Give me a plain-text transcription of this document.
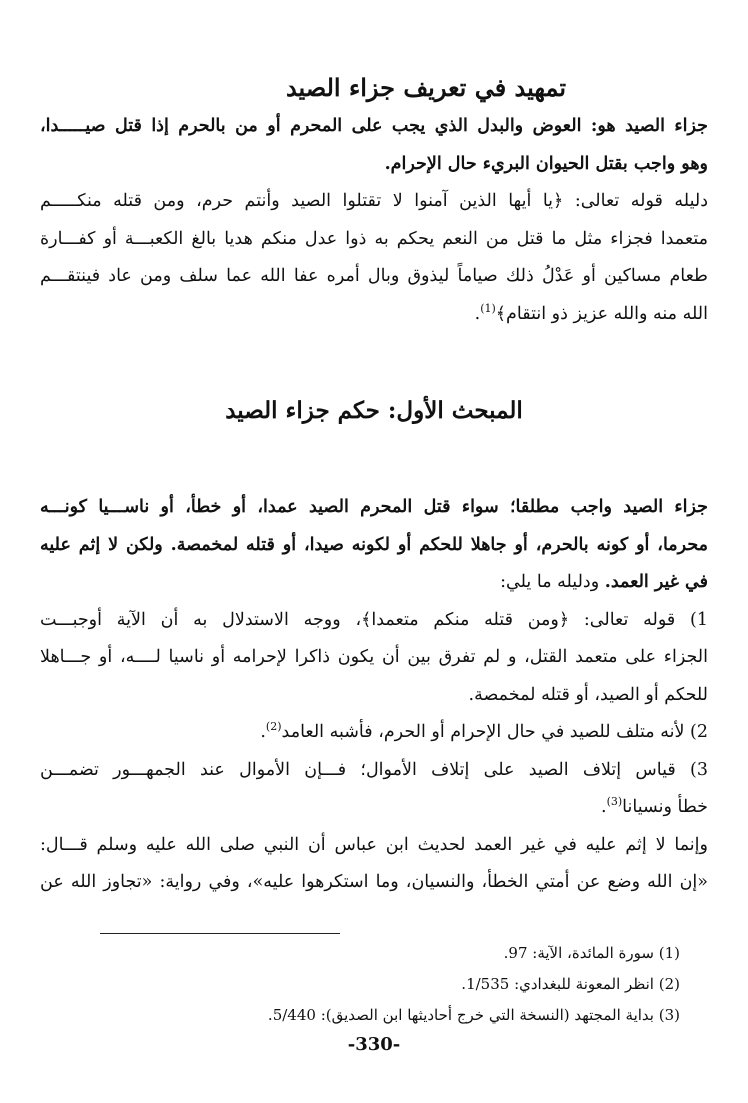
تمهيد في تعريف جزاء الصيد

جزاء الصيد هو: العوض والبدل الذي يجب على المحرم أو من بالحرم إذا قتل صيـــــدا،

وهو واجب بقتل الحيوان البريء حال الإحرام.

دليله قوله تعالى: ﴿يا أيها الذين آمنوا لا تقتلوا الصيد وأنتم حرم، ومن قتله منكـــــم

متعمدا فجزاء مثل ما قتل من النعم يحكم به ذوا عدل منكم هديا بالغ الكعبـــة أو كفـــارة

طعام مساكين أو عَدْلُ ذلك صياماً ليذوق وبال أمره عفا الله عما سلف ومن عاد فينتقـــم

الله منه والله عزيز ذو انتقام﴾$^{(1)}$.

المبحث الأول: حكم جزاء الصيد

جزاء الصيد واجب مطلقا؛ سواء قتل المحرم الصيد عمدا، أو خطأ، أو ناســـيا كونـــه

محرما، أو كونه بالحرم، أو جاهلا للحكم أو لكونه صيدا، أو قتله لمخمصة. ولكن لا إثم عليه

في غير العمد. ودليله ما يلي:

1) قوله تعالى: ﴿ومن قتله منكم متعمدا﴾، ووجه الاستدلال به أن الآية أوجبـــت

الجزاء على متعمد القتل، و لم تفرق بين أن يكون ذاكرا لإحرامه أو ناسيا لــــه، أو جـــاهلا

للحكم أو الصيد، أو قتله لمخمصة.

2) لأنه متلف للصيد في حال الإحرام أو الحرم، فأشبه العامد$^{(2)}$.

3) قياس إتلاف الصيد على إتلاف الأموال؛ فـــإن الأموال عند الجمهـــور تضمـــن

خطأ ونسيانا$^{(3)}$.

وإنما لا إثم عليه في غير العمد لحديث ابن عباس أن النبي صلى الله عليه وسلم قـــال:

«إن الله وضع عن أمتي الخطأ، والنسيان، وما استكرهوا عليه»، وفي رواية: «تجاوز الله عن

(1) سورة المائدة، الآية: 97.

(2) انظر المعونة للبغدادي: 1/535.

(3) بداية المجتهد (النسخة التي خرج أحاديثها ابن الصديق): 5/440.

-330-
